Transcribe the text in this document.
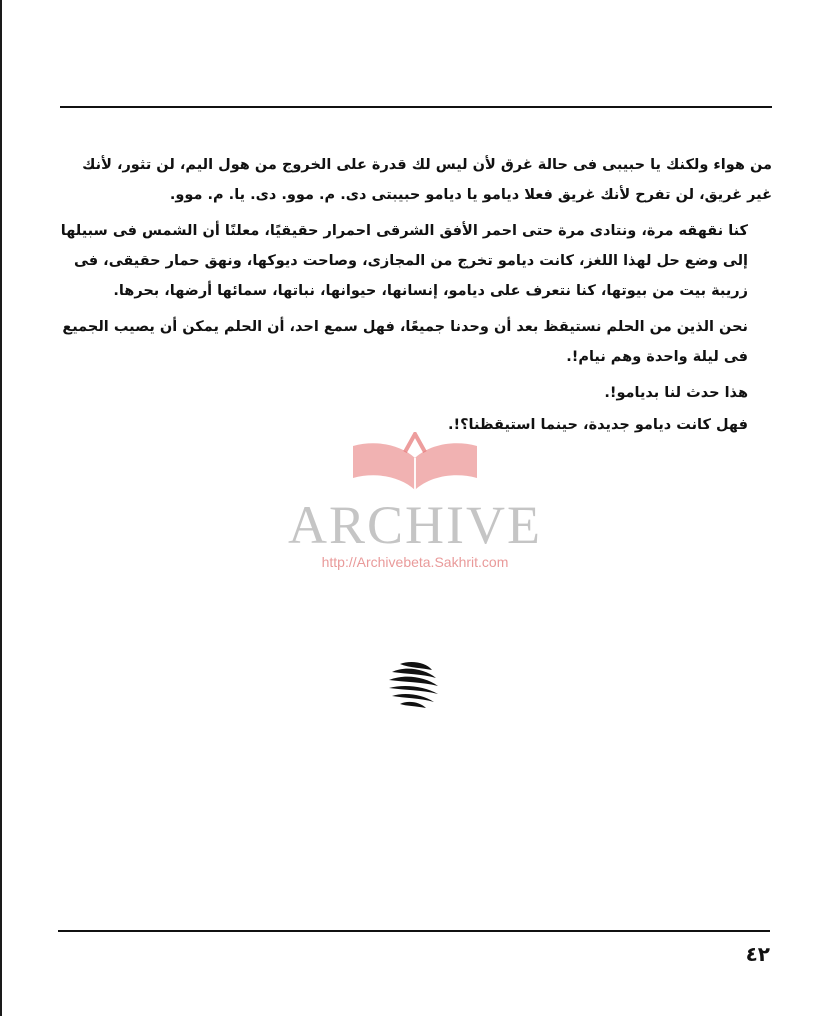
من هواء ولكنك يا حبيبى فى حالة غرق لأن ليس لك قدرة على الخروج من هول اليم، لن تثور، لأنك غير غريق، لن تفرح لأنك غريق فعلا ديامو يا ديامو حبيبتى دى. م. موو. دى. يا. م. موو.

كنا نقهقه مرة، ونتادى مرة حتى احمر الأفق الشرقى احمرار حقيقيًا، معلنًا أن الشمس فى سبيلها إلى وضع حل لهذا اللغز، كانت ديامو تخرج من المجازى، وصاحت ديوكها، ونهق حمار حقيقى، فى زريبة بيت من بيوتها، كنا نتعرف على ديامو، إنسانها، حيوانها، نباتها، سمائها أرضها، بحرها.

نحن الذين من الحلم نستيقظ بعد أن وحدنا جميعًا، فهل سمع احد، أن الحلم يمكن أن يصيب الجميع فى ليلة واحدة وهم نيام!.

هذا حدث لنا بديامو!.

فهل كانت ديامو جديدة، حينما استيقظنا؟!.

ARCHIVE
http://Archivebeta.Sakhrit.com
٤٢
